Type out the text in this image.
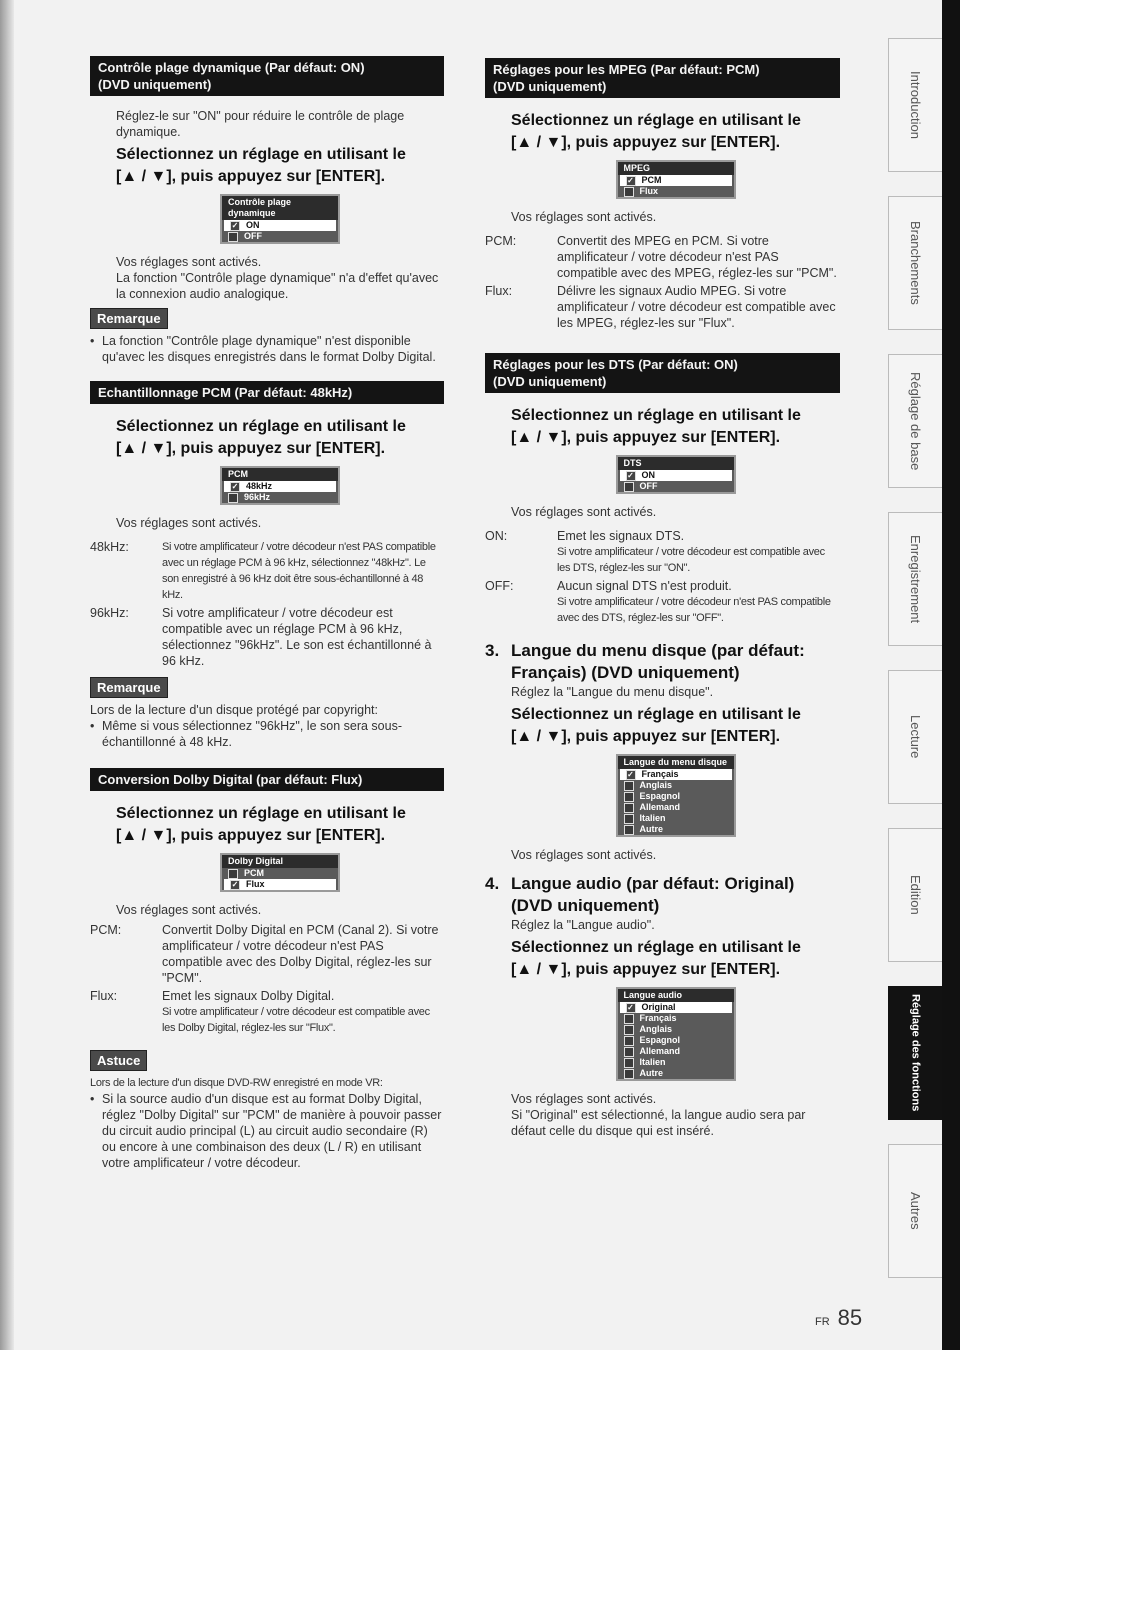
Contrôle plage dynamique (Par défaut: ON)
(DVD uniquement)
Réglez-le sur "ON" pour réduire le contrôle de plage dynamique.
Sélectionnez un réglage en utilisant le
[▲ / ▼], puis appuyez sur [ENTER].
Contrôle plage dynamique
✓ ON
OFF
Vos réglages sont activés.
La fonction "Contrôle plage dynamique" n'a d'effet qu'avec la connexion audio analogique.
Remarque
• La fonction "Contrôle plage dynamique" n'est disponible qu'avec les disques enregistrés dans le format Dolby Digital.
Echantillonnage PCM (Par défaut: 48kHz)
Sélectionnez un réglage en utilisant le
[▲ / ▼], puis appuyez sur [ENTER].
PCM
✓ 48kHz
96kHz
Vos réglages sont activés.
48kHz:	Si votre amplificateur / votre décodeur n'est PAS compatible avec un réglage PCM à 96 kHz, sélectionnez "48kHz". Le son enregistré à 96 kHz doit être sous-échantillonné à 48 kHz.
96kHz:	Si votre amplificateur / votre décodeur est compatible avec un réglage PCM à 96 kHz, sélectionnez "96kHz". Le son est échantillonné à 96 kHz.
Remarque
Lors de la lecture d'un disque protégé par copyright:
• Même si vous sélectionnez "96kHz", le son sera sous-échantillonné à 48 kHz.
Conversion Dolby Digital (par défaut: Flux)
Sélectionnez un réglage en utilisant le
[▲ / ▼], puis appuyez sur [ENTER].
Dolby Digital
PCM
✓ Flux
Vos réglages sont activés.
PCM:	Convertit Dolby Digital en PCM (Canal 2). Si votre amplificateur / votre décodeur n'est PAS compatible avec des Dolby Digital, réglez-les sur "PCM".
Flux:	Emet les signaux Dolby Digital.
Si votre amplificateur / votre décodeur est compatible avec les Dolby Digital, réglez-les sur "Flux".
Astuce
Lors de la lecture d'un disque DVD-RW enregistré en mode VR:
• Si la source audio d'un disque est au format Dolby Digital, réglez "Dolby Digital" sur "PCM" de manière à pouvoir passer du circuit audio principal (L) au circuit audio secondaire (R) ou encore à une combinaison des deux (L / R) en utilisant votre amplificateur / votre décodeur.
Réglages pour les MPEG (Par défaut: PCM)
(DVD uniquement)
Sélectionnez un réglage en utilisant le
[▲ / ▼], puis appuyez sur [ENTER].
MPEG
✓ PCM
Flux
Vos réglages sont activés.
PCM:	Convertit des MPEG en PCM. Si votre amplificateur / votre décodeur n'est PAS compatible avec des MPEG, réglez-les sur "PCM".
Flux:	Délivre les signaux Audio MPEG. Si votre amplificateur / votre décodeur est compatible avec les MPEG, réglez-les sur "Flux".
Réglages pour les DTS (Par défaut: ON)
(DVD uniquement)
Sélectionnez un réglage en utilisant le
[▲ / ▼], puis appuyez sur [ENTER].
DTS
✓ ON
OFF
Vos réglages sont activés.
ON:	Emet les signaux DTS.
Si votre amplificateur / votre décodeur est compatible avec les DTS, réglez-les sur "ON".
OFF:	Aucun signal DTS n'est produit.
Si votre amplificateur / votre décodeur n'est PAS compatible avec des DTS, réglez-les sur "OFF".
3. Langue du menu disque (par défaut:
Français) (DVD uniquement)
Réglez la "Langue du menu disque".
Sélectionnez un réglage en utilisant le
[▲ / ▼], puis appuyez sur [ENTER].
Langue du menu disque
✓ Français
Anglais
Espagnol
Allemand
Italien
Autre
Vos réglages sont activés.
4. Langue audio (par défaut: Original)
(DVD uniquement)
Réglez la "Langue audio".
Sélectionnez un réglage en utilisant le
[▲ / ▼], puis appuyez sur [ENTER].
Langue audio
✓ Original
Français
Anglais
Espagnol
Allemand
Italien
Autre
Vos réglages sont activés.
Si "Original" est sélectionné, la langue audio sera par défaut celle du disque qui est inséré.
Introduction
Branchements
Réglage de base
Enregistrement
Lecture
Edition
Réglage des fonctions
Autres
FR 85
